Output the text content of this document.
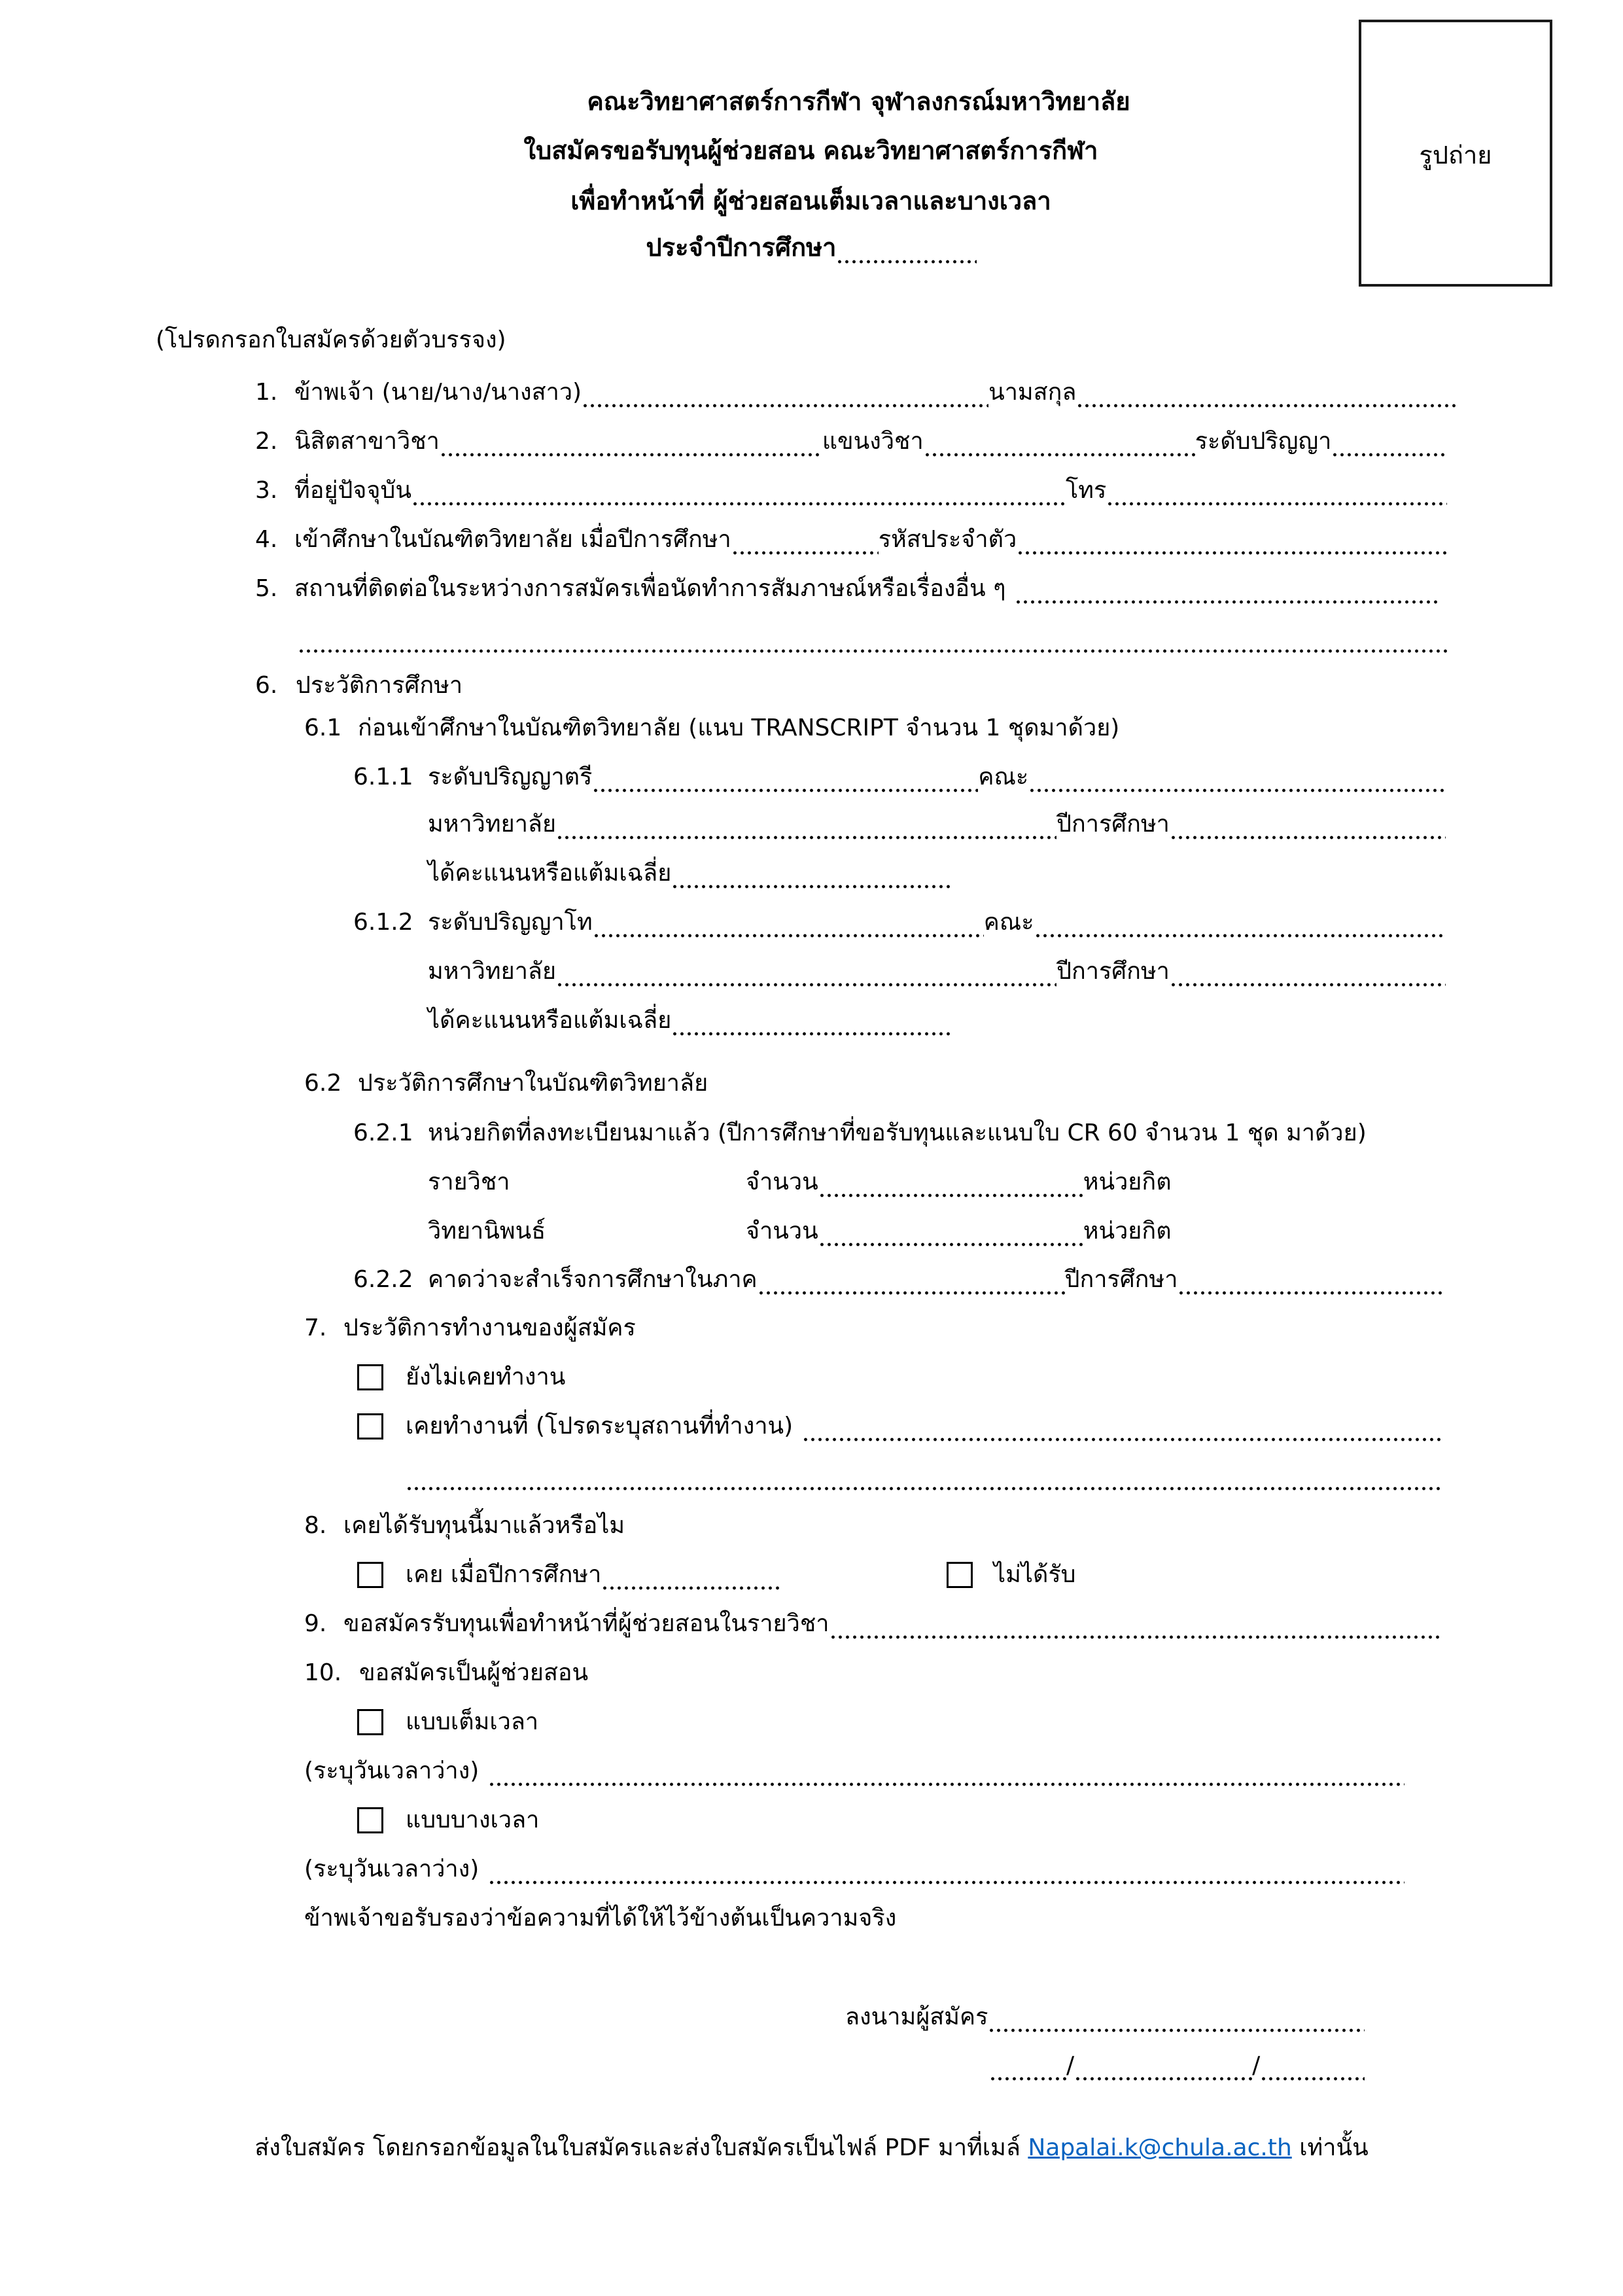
คณะวิทยาศาสตร์การกีฬา จุฬาลงกรณ์มหาวิทยาลัย
ใบสมัครขอรับทุนผู้ช่วยสอน คณะวิทยาศาสตร์การกีฬา
เพื่อทำหน้าที่ ผู้ช่วยสอนเต็มเวลาและบางเวลา
ประจำปีการศึกษา
รูปถ่าย
(โปรดกรอกใบสมัครด้วยตัวบรรจง)
1. ข้าพเจ้า (นาย/นาง/นางสาว)	นามสกุล
2. นิสิตสาขาวิชา	แขนงวิชา	ระดับปริญญา
3. ที่อยู่ปัจจุบัน	โทร
4. เข้าศึกษาในบัณฑิตวิทยาลัย เมื่อปีการศึกษา	รหัสประจำตัว
5. สถานที่ติดต่อในระหว่างการสมัครเพื่อนัดทำการสัมภาษณ์หรือเรื่องอื่น ๆ
6. ประวัติการศึกษา
6.1 ก่อนเข้าศึกษาในบัณฑิตวิทยาลัย (แนบ TRANSCRIPT จำนวน 1 ชุดมาด้วย)
6.1.1 ระดับปริญญาตรี	คณะ
มหาวิทยาลัย	ปีการศึกษา
ได้คะแนนหรือแต้มเฉลี่ย
6.1.2 ระดับปริญญาโท	คณะ
มหาวิทยาลัย	ปีการศึกษา
ได้คะแนนหรือแต้มเฉลี่ย
6.2 ประวัติการศึกษาในบัณฑิตวิทยาลัย
6.2.1 หน่วยกิตที่ลงทะเบียนมาแล้ว (ปีการศึกษาที่ขอรับทุนและแนบใบ CR 60 จำนวน 1 ชุด มาด้วย)
รายวิชา	จำนวน	หน่วยกิต
วิทยานิพนธ์	จำนวน	หน่วยกิต
6.2.2 คาดว่าจะสำเร็จการศึกษาในภาค	ปีการศึกษา
7. ประวัติการทำงานของผู้สมัคร
ยังไม่เคยทำงาน
เคยทำงานที่ (โปรดระบุสถานที่ทำงาน)
8. เคยได้รับทุนนี้มาแล้วหรือไม
เคย เมื่อปีการศึกษา	ไม่ได้รับ
9. ขอสมัครรับทุนเพื่อทำหน้าที่ผู้ช่วยสอนในรายวิชา
10. ขอสมัครเป็นผู้ช่วยสอน
แบบเต็มเวลา
(ระบุวันเวลาว่าง)
แบบบางเวลา
(ระบุวันเวลาว่าง)
ข้าพเจ้าขอรับรองว่าข้อความที่ได้ให้ไว้ข้างต้นเป็นความจริง
ลงนามผู้สมัคร
/	/
ส่งใบสมัคร โดยกรอกข้อมูลในใบสมัครและส่งใบสมัครเป็นไฟล์ PDF มาที่เมล์ Napalai.k@chula.ac.th เท่านั้น
